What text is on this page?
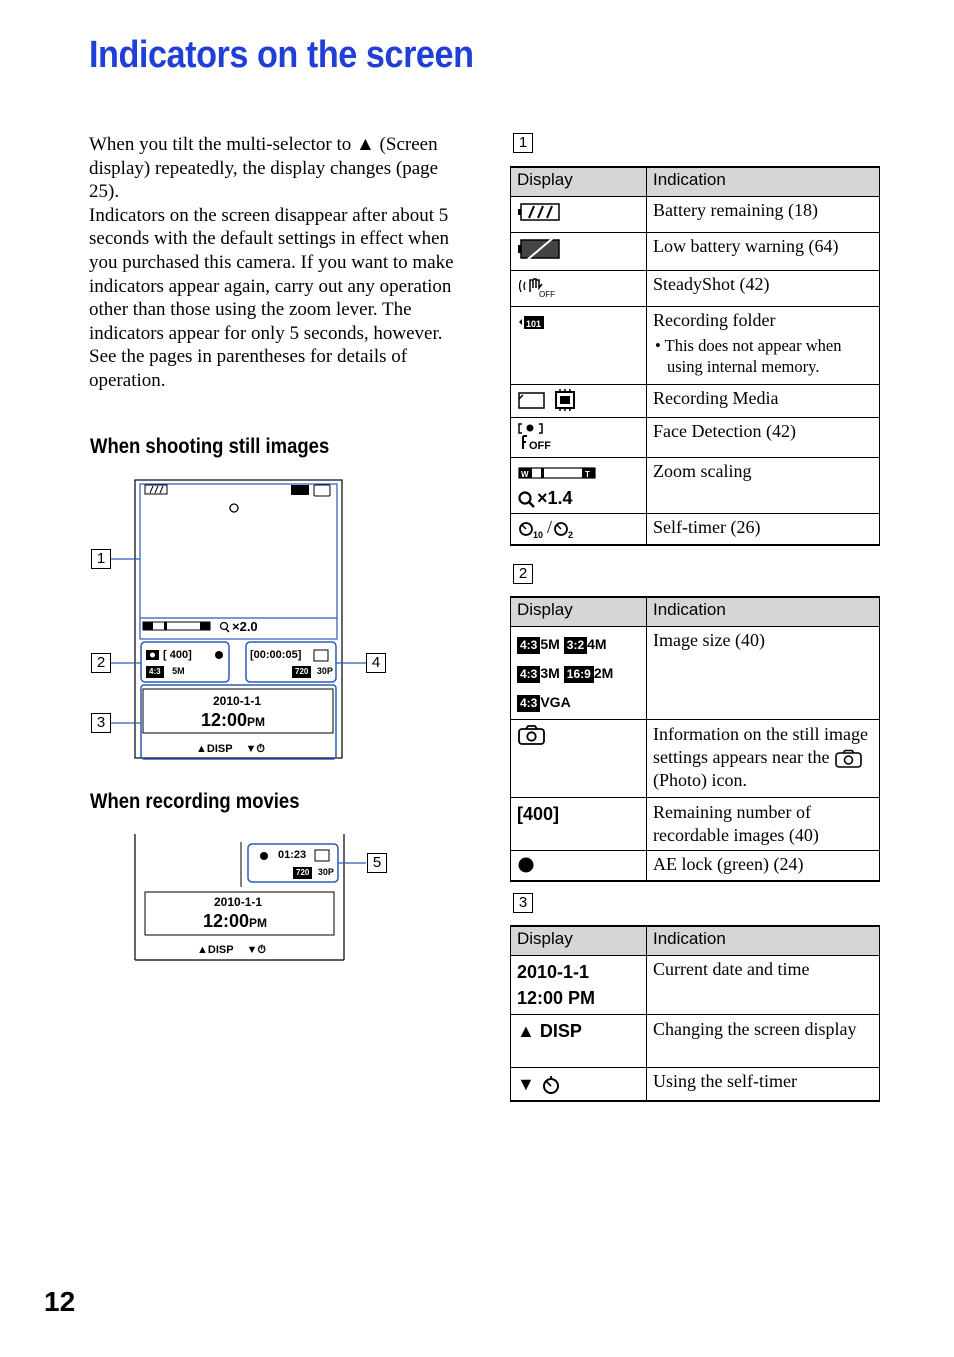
Indicators on the screen

When you tilt the multi-selector to ▲ (Screen display) repeatedly, the display changes (page 25).

Indicators on the screen disappear after about 5 seconds with the default settings in effect when you purchased this camera. If you want to make indicators appear again, carry out any operation other than those using the zoom lever. The indicators appear for only 5 seconds, however.

See the pages in parentheses for details of operation.

When shooting still images
1
2
3
4
×2.0
[ 400]
4:3 5M
[00:00:05]
720 30P
2010-1-1
12:00PM
▲DISP ▼⏱
When recording movies
5
01:23
720 30P
2010-1-1
12:00PM
▲DISP ▼⏱
1
Display	Indication
	Battery remaining (18)
	Low battery warning (64)

OFF	SteadyShot (42)

101	Recording folder
• This does not appear when using internal memory.

	Recording Media

OFF	Face Detection (42)

W T
×1.4	Zoom scaling

10 / 2	Self-timer (26)
2
Display	Indication

4:3 5M 3:2 4M
4:3 3M 16:9 2M
4:3 VGA	Image size (40)
	Information on the still image settings appears near the  (Photo) icon.
[400]	Remaining number of recordable images (40)
	AE lock (green) (24)
3
Display	Indication

2010-1-1
12:00 PM	Current date and time
▲ DISP	Changing the screen display
▼	Using the self-timer
12
